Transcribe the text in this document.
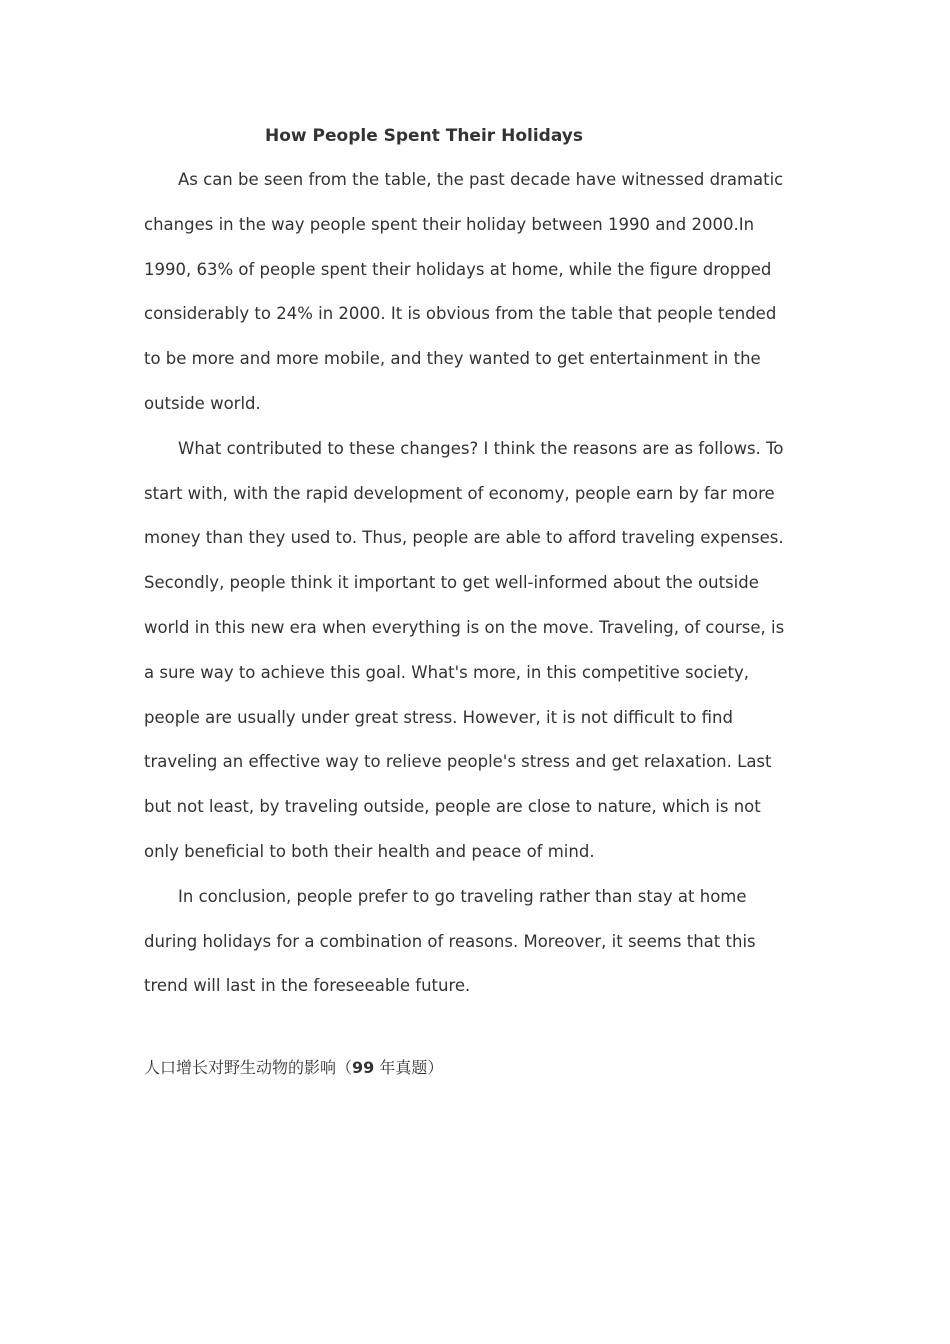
How People Spent Their Holidays

As can be seen from the table, the past decade have witnessed dramatic
changes in the way people spent their holiday between 1990 and 2000.In
1990, 63% of people spent their holidays at home, while the figure dropped
considerably to 24% in 2000. It is obvious from the table that people tended
to be more and more mobile, and they wanted to get entertainment in the
outside world.

What contributed to these changes? I think the reasons are as follows. To
start with, with the rapid development of economy, people earn by far more
money than they used to. Thus, people are able to afford traveling expenses.
Secondly, people think it important to get well-informed about the outside
world in this new era when everything is on the move. Traveling, of course, is
a sure way to achieve this goal. What's more, in this competitive society,
people are usually under great stress. However, it is not difficult to find
traveling an effective way to relieve people's stress and get relaxation. Last
but not least, by traveling outside, people are close to nature, which is not
only beneficial to both their health and peace of mind.

In conclusion, people prefer to go traveling rather than stay at home
during holidays for a combination of reasons. Moreover, it seems that this
trend will last in the foreseeable future.

人口增长对野生动物的影响（99 年真题）
